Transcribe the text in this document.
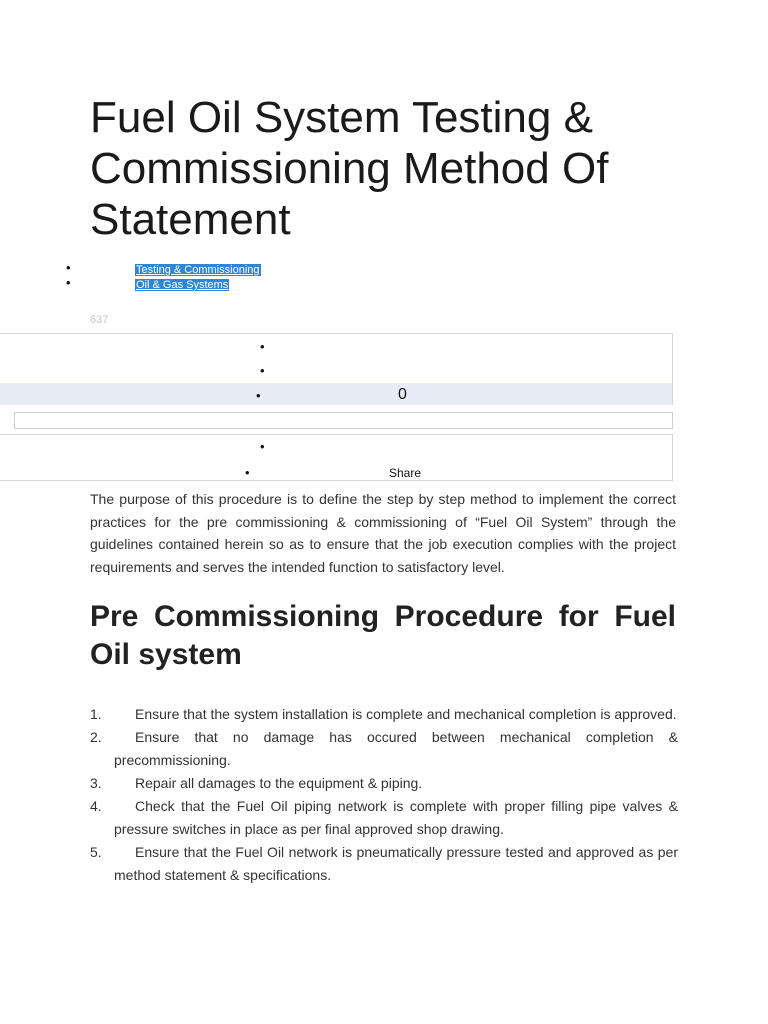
Fuel Oil System Testing & Commissioning Method Of Statement
•	Testing & Commissioning
•	Oil & Gas Systems
637
•
•
•	0
•
•	Share

The purpose of this procedure is to define the step by step method to implement the correct practices for the pre commissioning & commissioning of “Fuel Oil System” through the guidelines contained herein so as to ensure that the job execution complies with the project requirements and serves the intended function to satisfactory level.

Pre Commissioning Procedure for Fuel Oil system
1.	Ensure that the system installation is complete and mechanical completion is approved.
2.	Ensure that no damage has occured between mechanical completion & precommissioning.
3.	Repair all damages to the equipment & piping.
4.	Check that the Fuel Oil piping network is complete with proper filling pipe valves & pressure switches in place as per final approved shop drawing.
5.	Ensure that the Fuel Oil network is pneumatically pressure tested and approved as per method statement & specifications.
